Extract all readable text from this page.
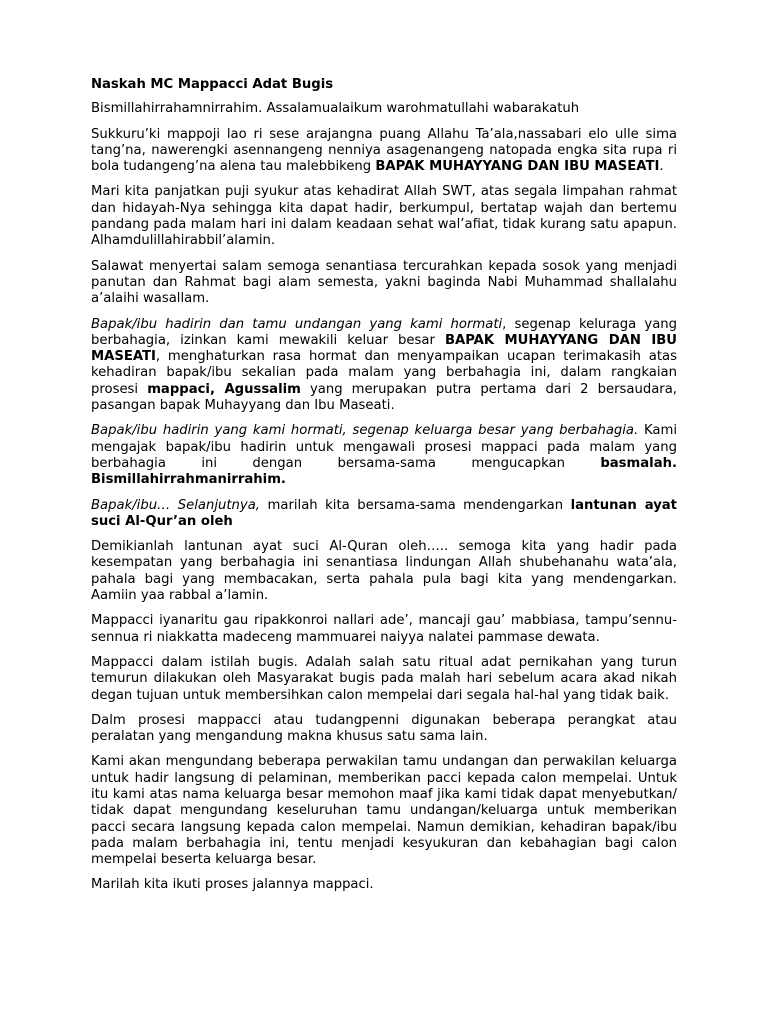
Naskah MC Mappacci Adat Bugis

Bismillahirrahamnirrahim. Assalamualaikum warohmatullahi wabarakatuh

Sukkuru’ki mappoji lao ri sese arajangna puang Allahu Ta’ala,nassabari elo ulle sima tang’na, nawerengki asennangeng nenniya asagenangeng natopada engka sita rupa ri bola tudangeng’na alena tau malebbikeng BAPAK MUHAYYANG DAN IBU MASEATI.

Mari kita panjatkan puji syukur atas kehadirat Allah SWT, atas segala limpahan rahmat dan hidayah-Nya sehingga kita dapat hadir, berkumpul, bertatap wajah dan bertemu pandang pada malam hari ini dalam keadaan sehat wal’afiat, tidak kurang satu apapun. Alhamdulillahirabbil’alamin.

Salawat menyertai salam semoga senantiasa tercurahkan kepada sosok yang menjadi panutan dan Rahmat bagi alam semesta, yakni baginda Nabi Muhammad shallalahu a’alaihi wasallam.

Bapak/ibu hadirin dan tamu undangan yang kami hormati, segenap keluraga yang berbahagia, izinkan kami mewakili keluar besar BAPAK MUHAYYANG DAN IBU MASEATI, menghaturkan rasa hormat dan menyampaikan ucapan terimakasih atas kehadiran bapak/ibu sekalian pada malam yang berbahagia ini, dalam rangkaian prosesi mappaci, Agussalim yang merupakan putra pertama dari 2 bersaudara, pasangan bapak Muhayyang dan Ibu Maseati.

Bapak/ibu hadirin yang kami hormati, segenap keluarga besar yang berbahagia. Kami mengajak bapak/ibu hadirin untuk mengawali prosesi mappaci pada malam yang berbahagia ini dengan bersama-sama mengucapkan basmalah. Bismillahirrahmanirrahim.

Bapak/ibu… Selanjutnya, marilah kita bersama-sama mendengarkan lantunan ayat suci Al-Qur’an oleh

Demikianlah lantunan ayat suci Al-Quran oleh….. semoga kita yang hadir pada kesempatan yang berbahagia ini senantiasa lindungan Allah shubehanahu wata’ala, pahala bagi yang membacakan, serta pahala pula bagi kita yang mendengarkan. Aamiin yaa rabbal a’lamin.

Mappacci iyanaritu gau ripakkonroi nallari ade’, mancaji gau’ mabbiasa, tampu’sennu-sennua ri niakkatta madeceng mammuarei naiyya nalatei pammase dewata.

Mappacci dalam istilah bugis. Adalah salah satu ritual adat pernikahan yang turun temurun dilakukan oleh Masyarakat bugis pada malah hari sebelum acara akad nikah degan tujuan untuk membersihkan calon mempelai dari segala hal-hal yang tidak baik.

Dalm prosesi mappacci atau tudangpenni digunakan beberapa perangkat atau peralatan yang mengandung makna khusus satu sama lain.

Kami akan mengundang beberapa perwakilan tamu undangan dan perwakilan keluarga untuk hadir langsung di pelaminan, memberikan pacci kepada calon mempelai. Untuk itu kami atas nama keluarga besar memohon maaf jika kami tidak dapat menyebutkan/ tidak dapat mengundang keseluruhan tamu undangan/keluarga untuk memberikan pacci secara langsung kepada calon mempelai. Namun demikian, kehadiran bapak/ibu pada malam berbahagia ini, tentu menjadi kesyukuran dan kebahagian bagi calon mempelai beserta keluarga besar.

Marilah kita ikuti proses jalannya mappaci.
